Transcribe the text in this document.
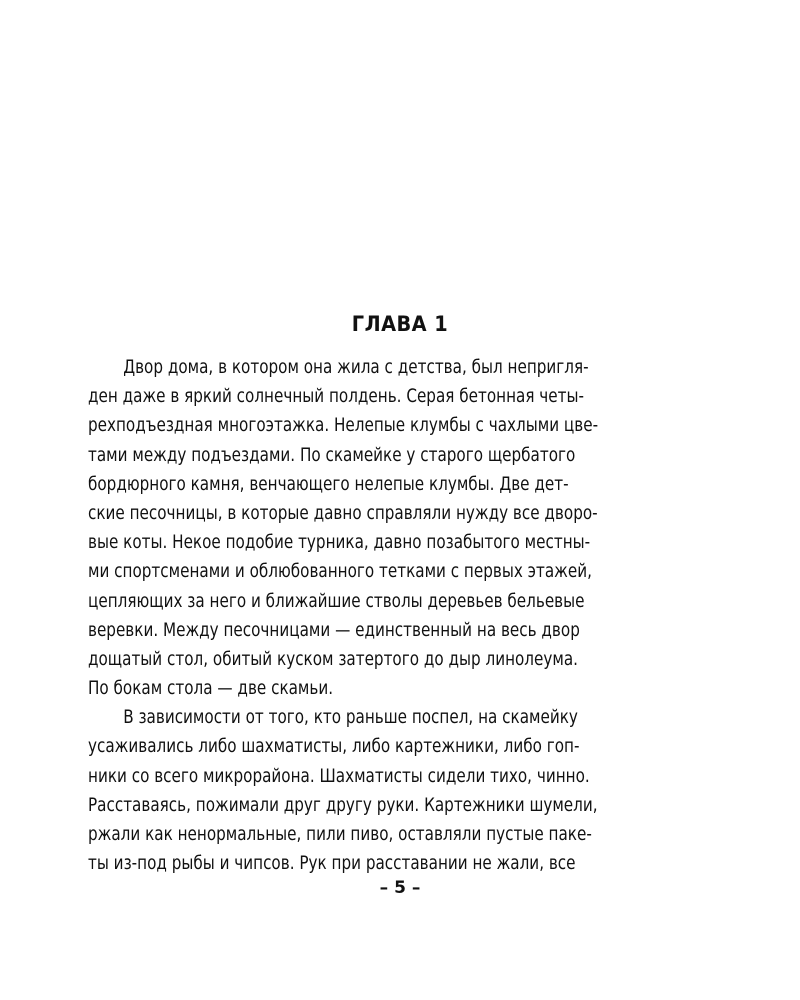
ГЛАВА 1
Двор дома, в котором она жила с детства, был непригля-
ден даже в яркий солнечный полдень. Серая бетонная четы-
рехподъездная многоэтажка. Нелепые клумбы с чахлыми цве-
тами между подъездами. По скамейке у старого щербатого
бордюрного камня, венчающего нелепые клумбы. Две дет-
ские песочницы, в которые давно справляли нужду все дворо-
вые коты. Некое подобие турника, давно позабытого местны-
ми спортсменами и облюбованного тетками с первых этажей,
цепляющих за него и ближайшие стволы деревьев бельевые
веревки. Между песочницами — единственный на весь двор
дощатый стол, обитый куском затертого до дыр линолеума.
По бокам стола — две скамьи.
В зависимости от того, кто раньше поспел, на скамейку
усаживались либо шахматисты, либо картежники, либо гоп-
ники со всего микрорайона. Шахматисты сидели тихо, чинно.
Расставаясь, пожимали друг другу руки. Картежники шумели,
ржали как ненормальные, пили пиво, оставляли пустые паке-
ты из-под рыбы и чипсов. Рук при расставании не жали, все
– 5 –
